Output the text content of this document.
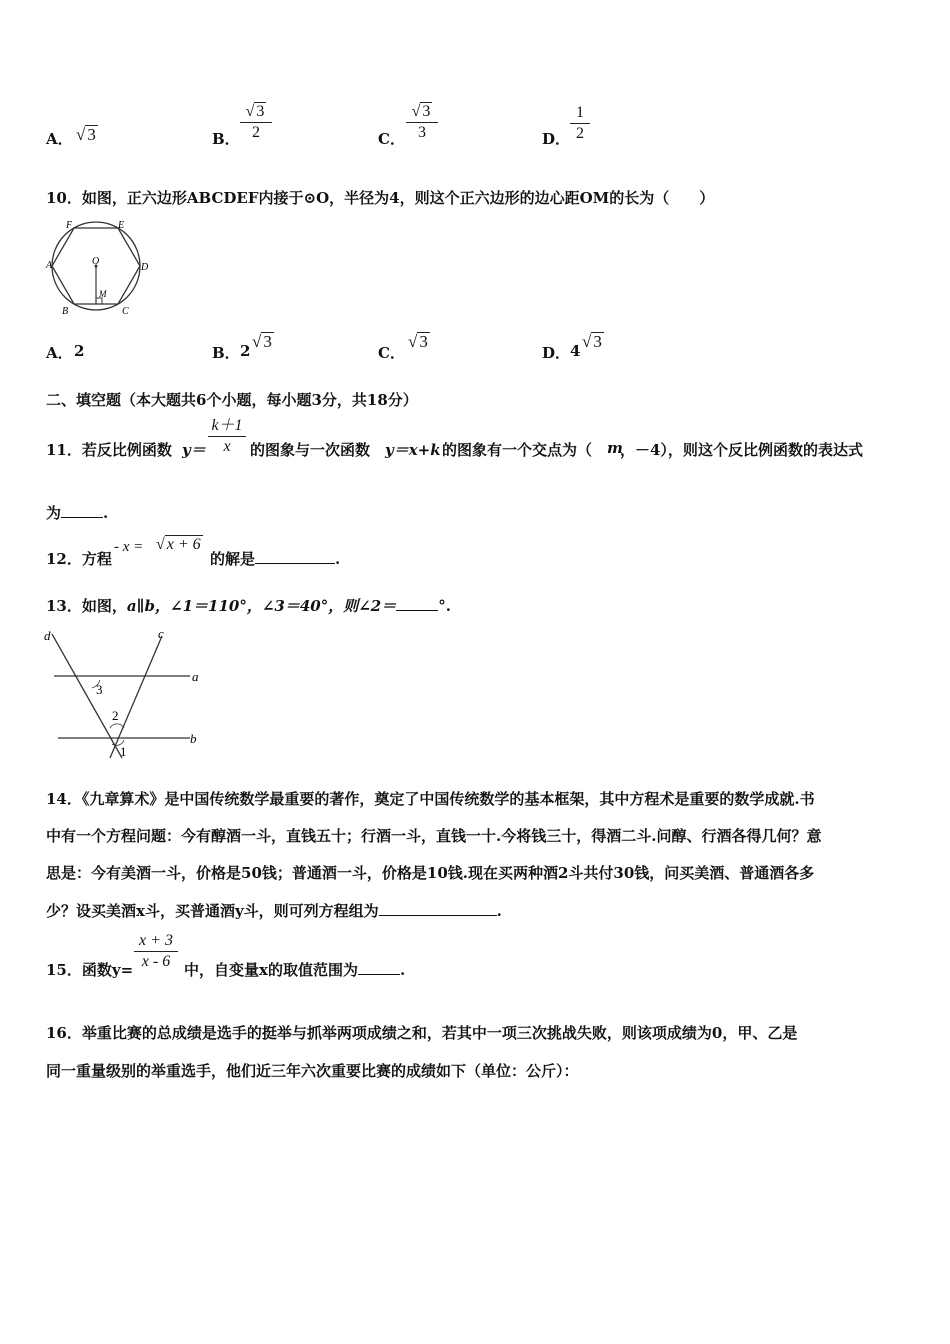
A． √ 3	B．
√ 3
2	C．
√ 3
3	D．
1
2
10．如图，正六边形ABCDEF内接于⊙O，半径为4，则这个正六边形的边心距OM的长为（　　）
A
B	C
D
E
F
O
M
A． 2	B． 2 √ 3
C．
√ 3
D． 4 √ 3
二、填空题（本大题共6个小题，每小题3分，共18分）
11．若反比例函数 y＝
k＋1
x	的图象与一次函数 y＝x+k 的图象有一个交点为（ m
，－4），则这个反比例函数的表达式
为	.
12．方程
- x = √ x + 6
的解是	.
13．如图，a∥b，∠1＝110°，∠3＝40°，则∠2＝	°.
d	c
a
b
3
2
1
14．《九章算术》是中国传统数学最重要的著作，奠定了中国传统数学的基本框架，其中方程术是重要的数学成就.书
中有一个方程问题：今有醇酒一斗，直钱五十；行酒一斗，直钱一十.今将钱三十，得酒二斗.问醇、行酒各得几何？意
思是：今有美酒一斗，价格是50钱；普通酒一斗，价格是10钱.现在买两种酒2斗共付30钱，问买美酒、普通酒各多
少？设买美酒x斗，买普通酒y斗，则可列方程组为	.
15．函数y=
x + 3
x - 6 中，自变量x的取值范围为	.
16．举重比赛的总成绩是选手的挺举与抓举两项成绩之和，若其中一项三次挑战失败，则该项成绩为0，甲、乙是
同一重量级别的举重选手，他们近三年六次重要比赛的成绩如下（单位：公斤）：
